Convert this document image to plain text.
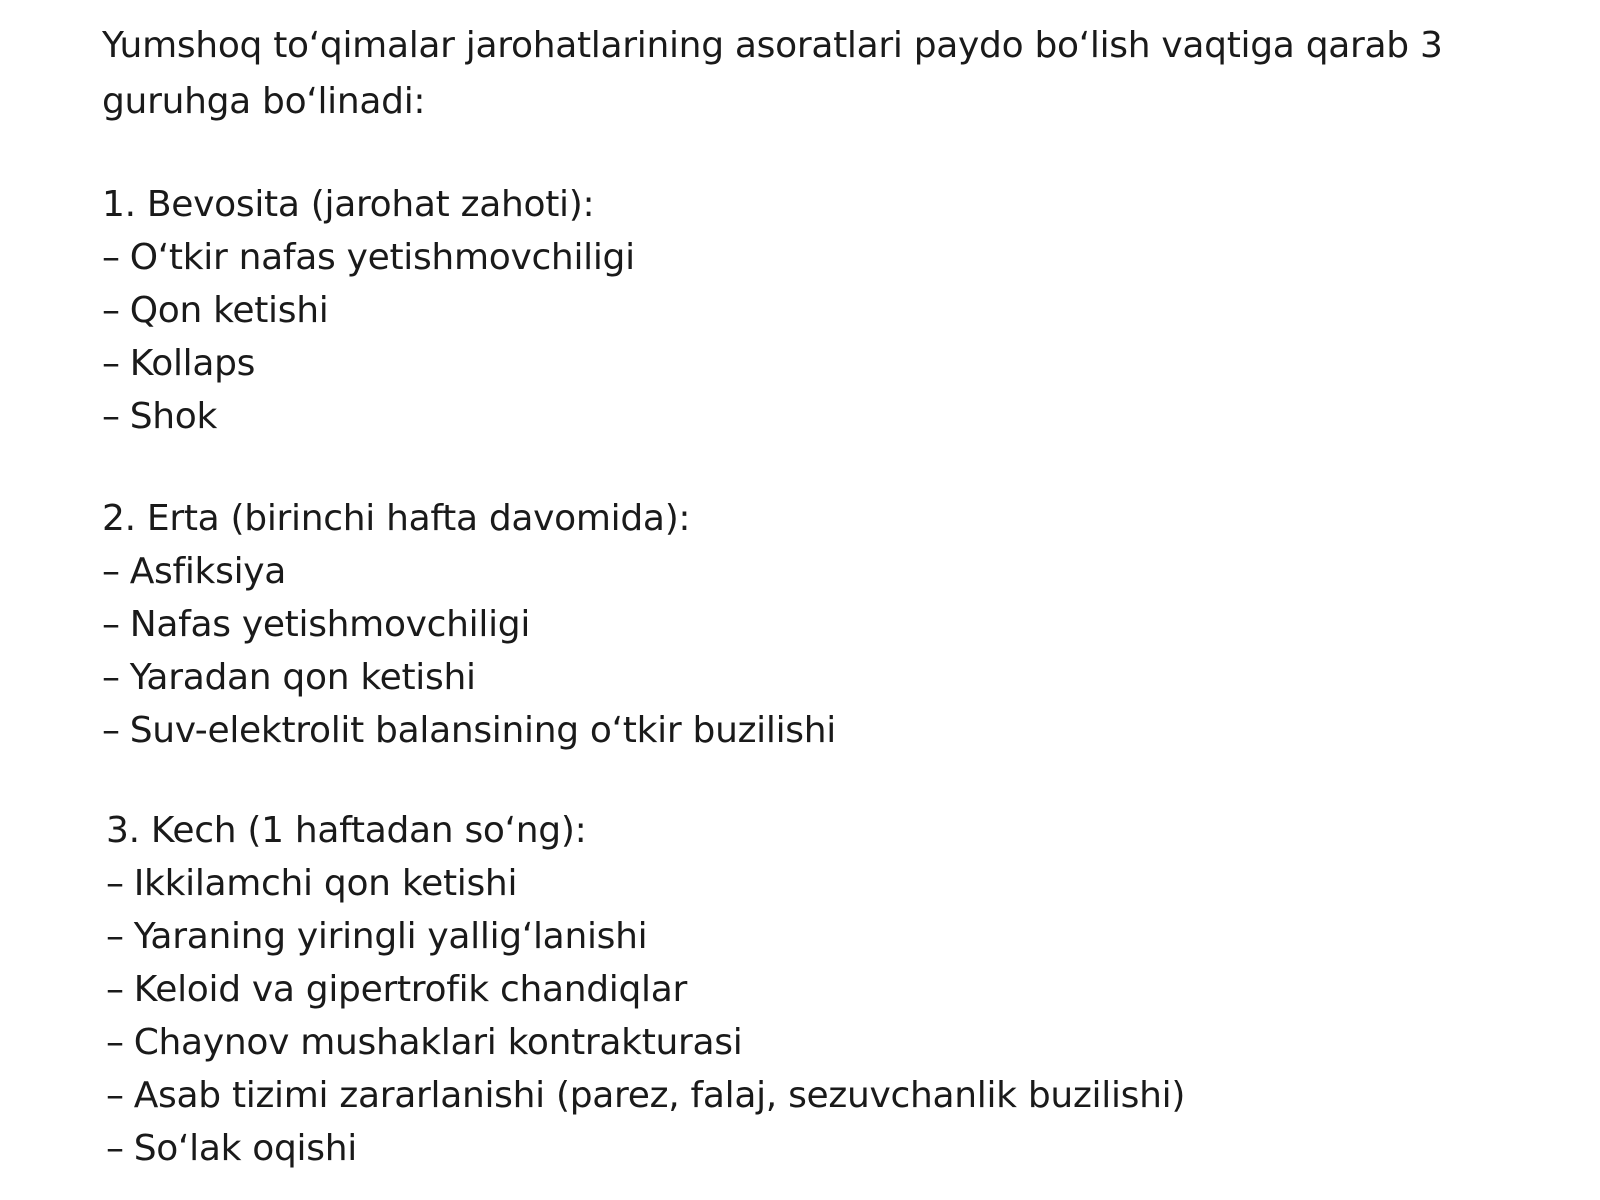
Yumshoq to‘qimalar jarohatlarining asoratlari paydo bo‘lish vaqtiga qarab 3 guruhga bo‘linadi:

1. Bevosita (jarohat zahoti):

– O‘tkir nafas yetishmovchiligi
– Qon ketishi
– Kollaps
– Shok

2. Erta (birinchi hafta davomida):

– Asfiksiya
– Nafas yetishmovchiligi
– Yaradan qon ketishi
– Suv-elektrolit balansining o‘tkir buzilishi

3. Kech (1 haftadan so‘ng):

– Ikkilamchi qon ketishi
– Yaraning yiringli yallig‘lanishi
– Keloid va gipertrofik chandiqlar
– Chaynov mushaklari kontrakturasi
– Asab tizimi zararlanishi (parez, falaj, sezuvchanlik buzilishi)
– So‘lak oqishi
